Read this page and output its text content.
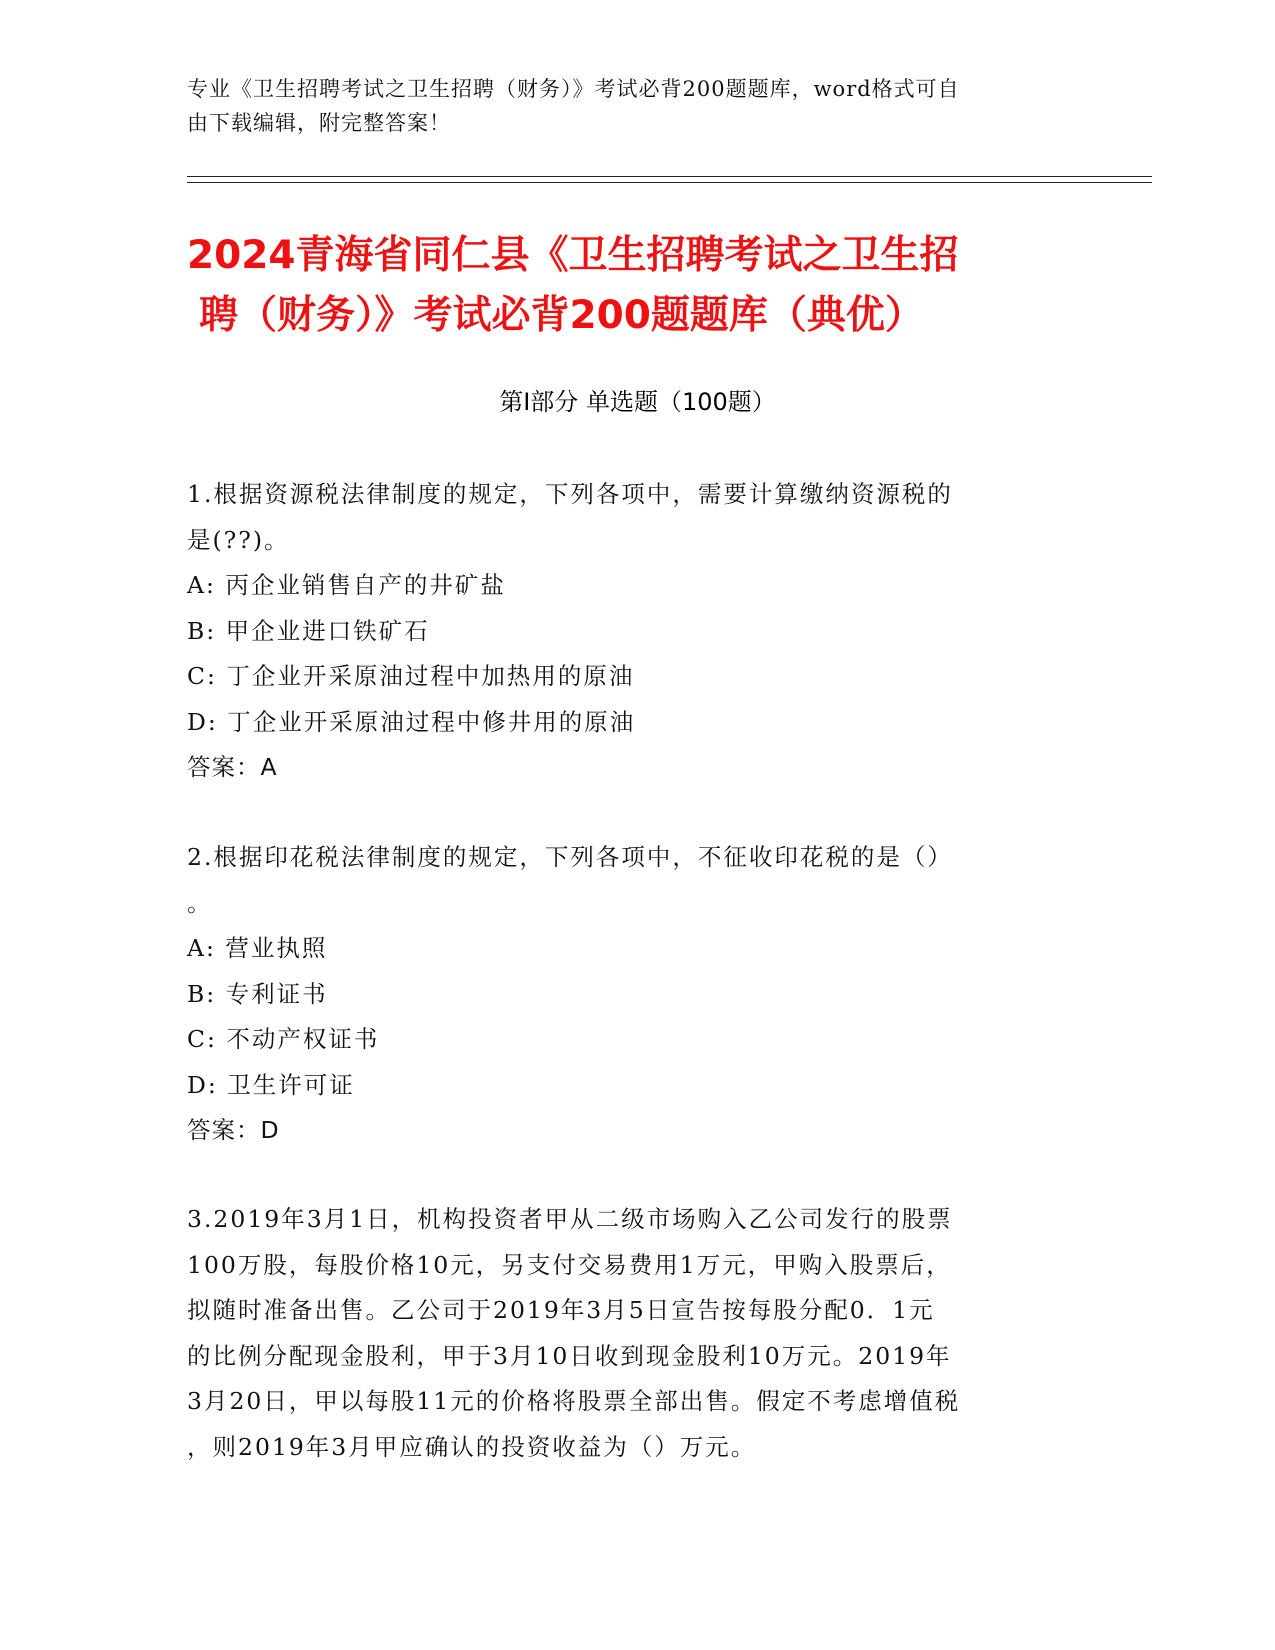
专业《卫生招聘考试之卫生招聘（财务）》考试必背200题题库，word格式可自
由下载编辑，附完整答案！
2024青海省同仁县《卫生招聘考试之卫生招
聘（财务）》考试必背200题题库（典优）
第Ⅰ部分 单选题（100题）
1.根据资源税法律制度的规定，下列各项中，需要计算缴纳资源税的
是(??)。
A: 丙企业销售自产的井矿盐
B: 甲企业进口铁矿石
C: 丁企业开采原油过程中加热用的原油
D: 丁企业开采原油过程中修井用的原油
答案：A
2.根据印花税法律制度的规定，下列各项中，不征收印花税的是（）
。
A: 营业执照
B: 专利证书
C: 不动产权证书
D: 卫生许可证
答案：D
3.2019年3月1日，机构投资者甲从二级市场购入乙公司发行的股票
100万股，每股价格10元，另支付交易费用1万元，甲购入股票后，
拟随时准备出售。乙公司于2019年3月5日宣告按每股分配0．1元
的比例分配现金股利，甲于3月10日收到现金股利10万元。2019年
3月20日，甲以每股11元的价格将股票全部出售。假定不考虑增值税
，则2019年3月甲应确认的投资收益为（）万元。
